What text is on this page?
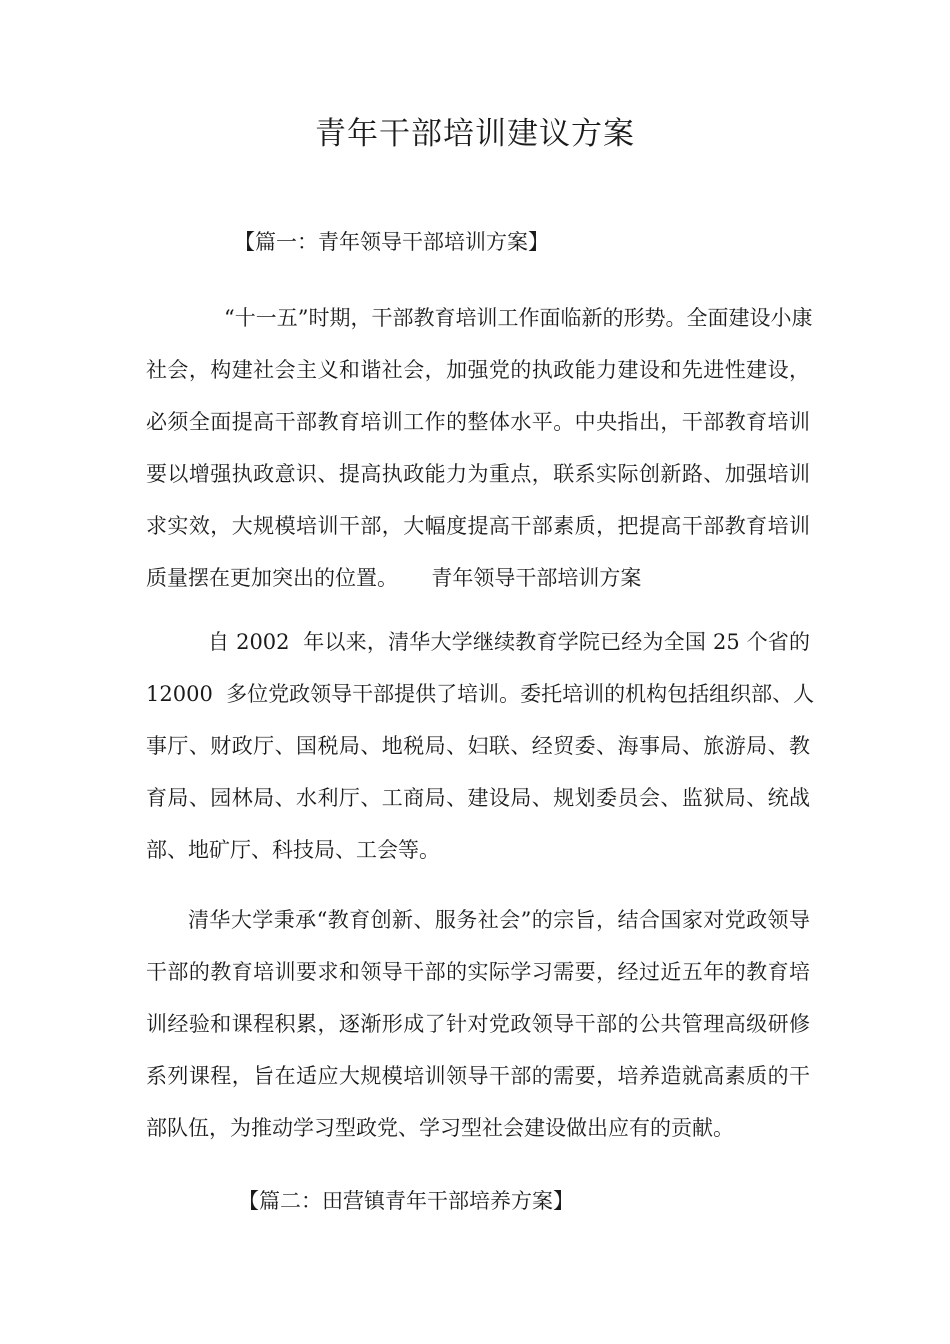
青年干部培训建议方案
【篇一：青年领导干部培训方案】
“十一五”时期，干部教育培训工作面临新的形势。全面建设小康
社会，构建社会主义和谐社会，加强党的执政能力建设和先进性建设，
必须全面提高干部教育培训工作的整体水平。中央指出，干部教育培训
要以增强执政意识、提高执政能力为重点，联系实际创新路、加强培训
求实效，大规模培训干部，大幅度提高干部素质，把提高干部教育培训
质量摆在更加突出的位置。     青年领导干部培训方案
自 2002  年以来，清华大学继续教育学院已经为全国 25 个省的
12000  多位党政领导干部提供了培训。委托培训的机构包括组织部、人
事厅、财政厅、国税局、地税局、妇联、经贸委、海事局、旅游局、教
育局、园林局、水利厅、工商局、建设局、规划委员会、监狱局、统战
部、地矿厅、科技局、工会等。
清华大学秉承“教育创新、服务社会”的宗旨，结合国家对党政领导
干部的教育培训要求和领导干部的实际学习需要，经过近五年的教育培
训经验和课程积累，逐渐形成了针对党政领导干部的公共管理高级研修
系列课程，旨在适应大规模培训领导干部的需要，培养造就高素质的干
部队伍，为推动学习型政党、学习型社会建设做出应有的贡献。
【篇二：田营镇青年干部培养方案】
